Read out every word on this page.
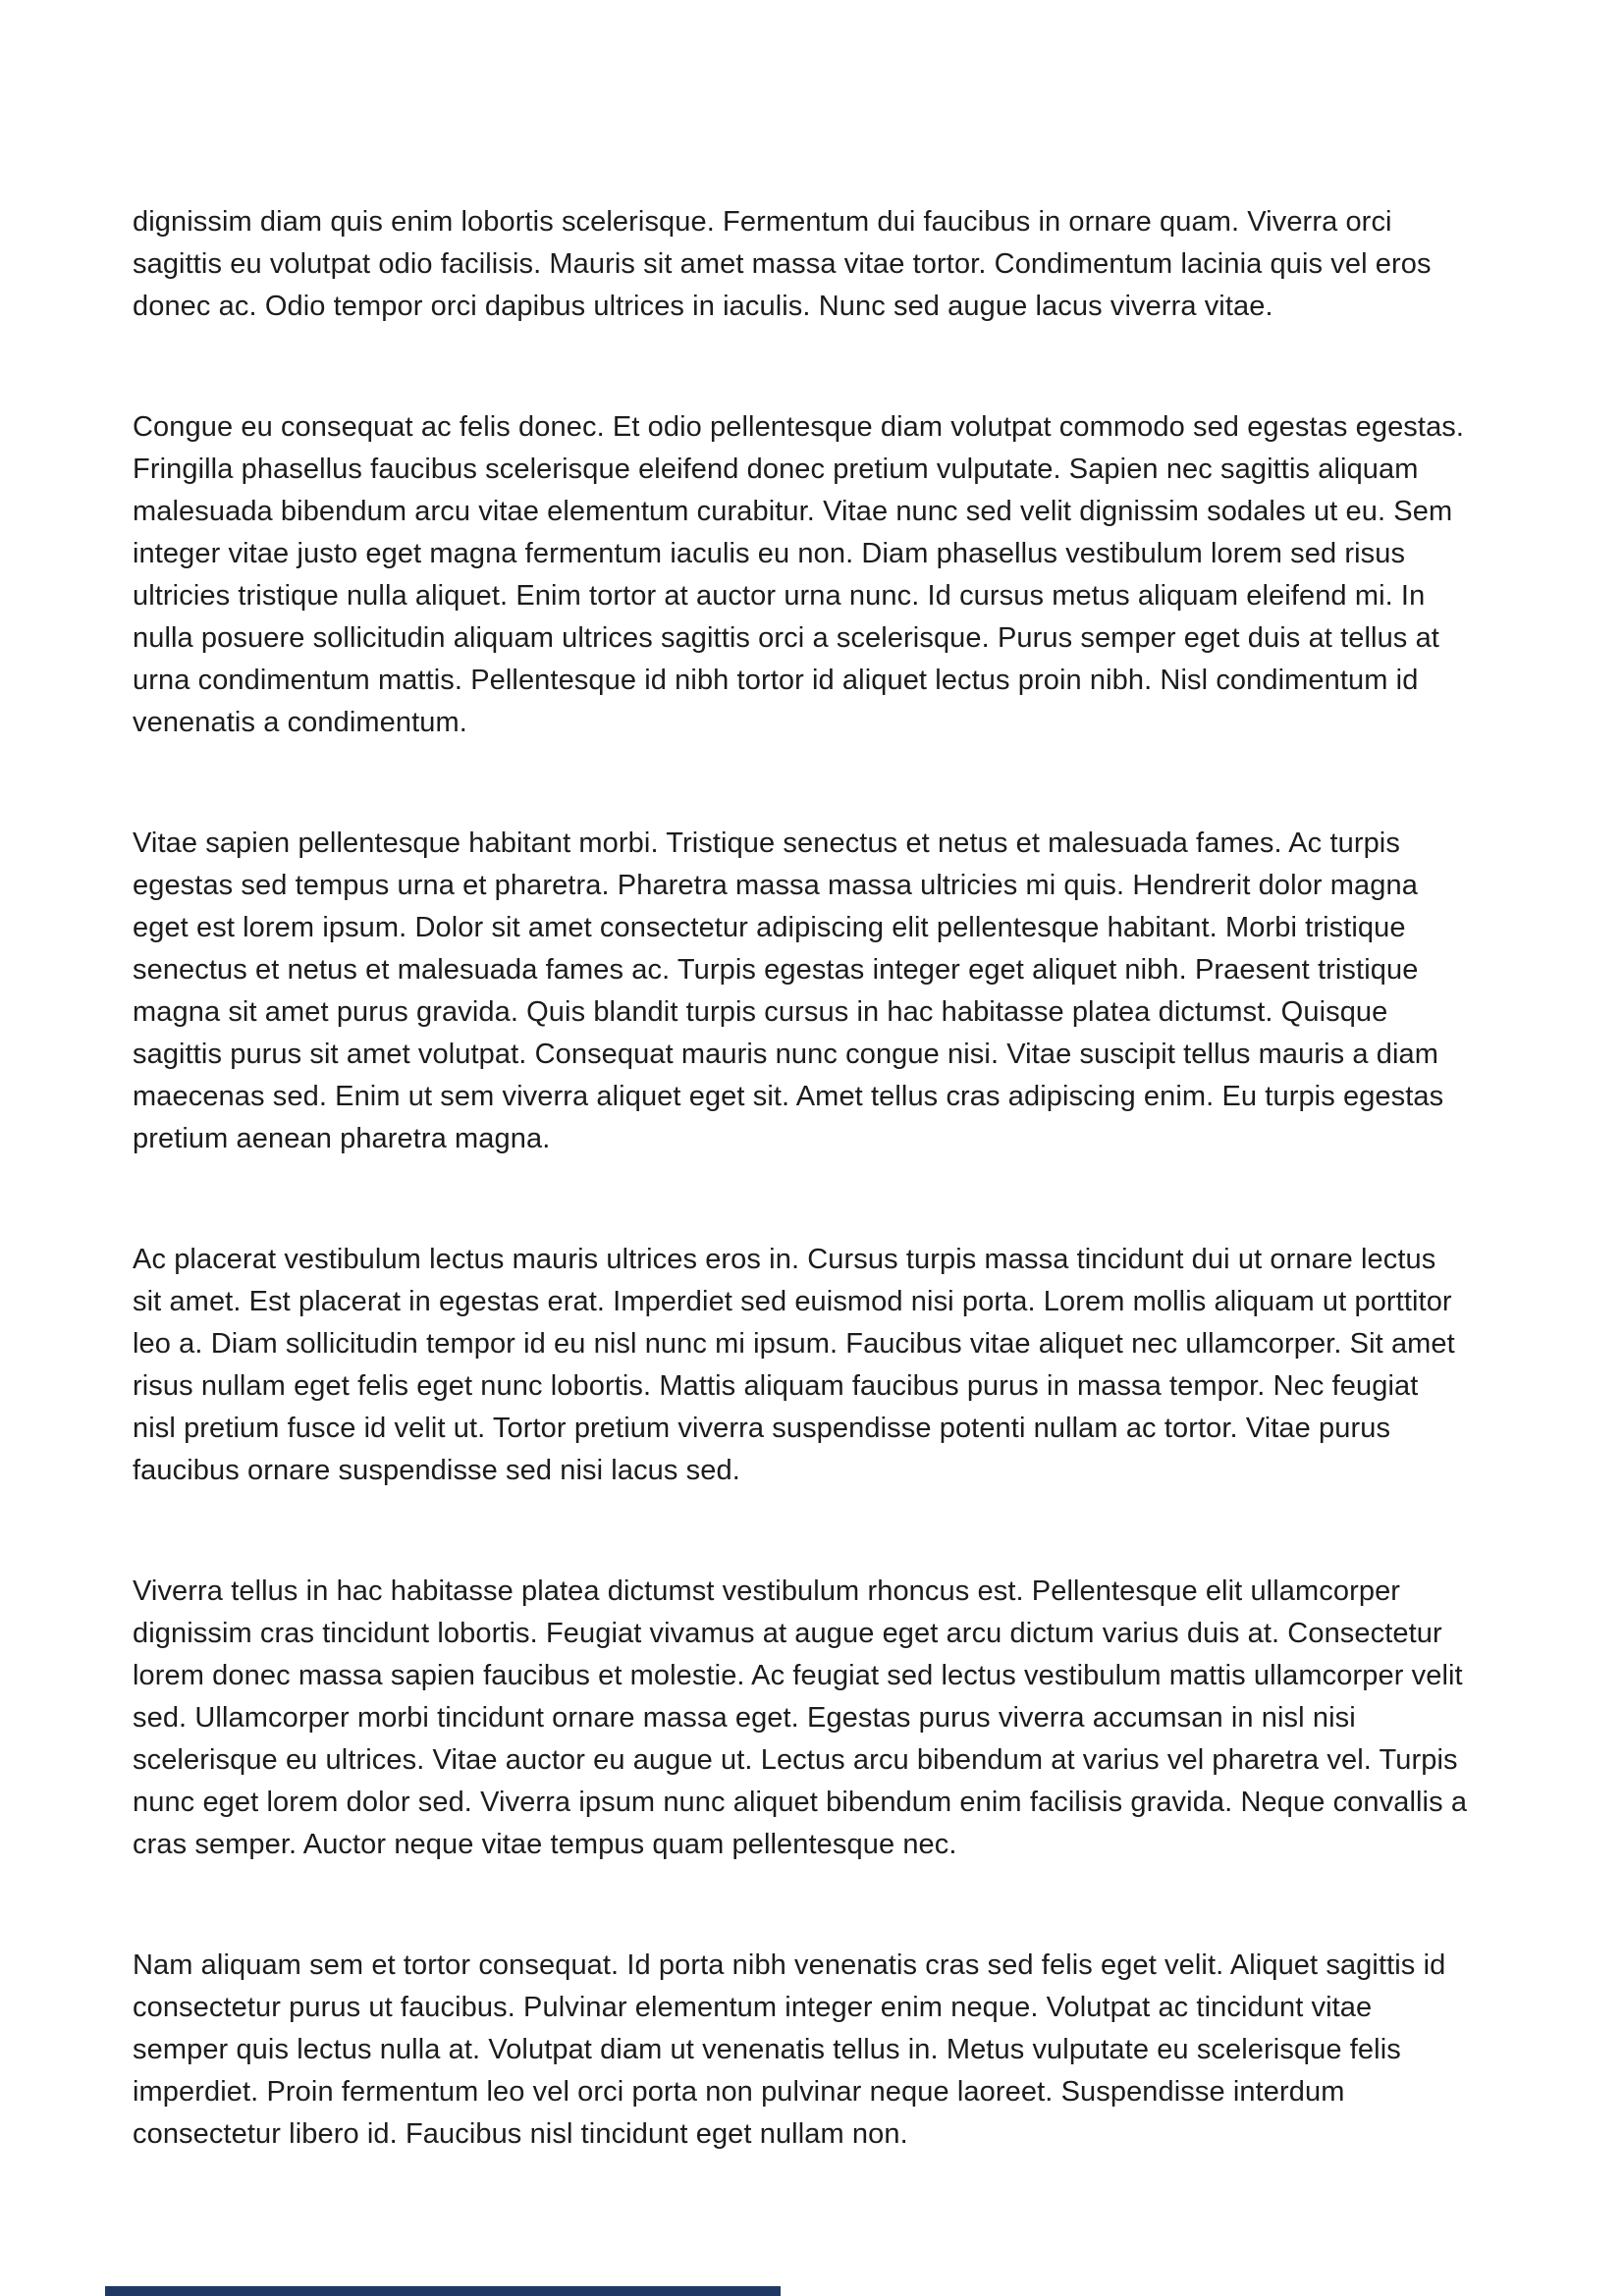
dignissim diam quis enim lobortis scelerisque. Fermentum dui faucibus in ornare quam. Viverra orci sagittis eu volutpat odio facilisis. Mauris sit amet massa vitae tortor. Condimentum lacinia quis vel eros donec ac. Odio tempor orci dapibus ultrices in iaculis. Nunc sed augue lacus viverra vitae.

Congue eu consequat ac felis donec. Et odio pellentesque diam volutpat commodo sed egestas egestas. Fringilla phasellus faucibus scelerisque eleifend donec pretium vulputate. Sapien nec sagittis aliquam malesuada bibendum arcu vitae elementum curabitur. Vitae nunc sed velit dignissim sodales ut eu. Sem integer vitae justo eget magna fermentum iaculis eu non. Diam phasellus vestibulum lorem sed risus ultricies tristique nulla aliquet. Enim tortor at auctor urna nunc. Id cursus metus aliquam eleifend mi. In nulla posuere sollicitudin aliquam ultrices sagittis orci a scelerisque. Purus semper eget duis at tellus at urna condimentum mattis. Pellentesque id nibh tortor id aliquet lectus proin nibh. Nisl condimentum id venenatis a condimentum.

Vitae sapien pellentesque habitant morbi. Tristique senectus et netus et malesuada fames. Ac turpis egestas sed tempus urna et pharetra. Pharetra massa massa ultricies mi quis. Hendrerit dolor magna eget est lorem ipsum. Dolor sit amet consectetur adipiscing elit pellentesque habitant. Morbi tristique senectus et netus et malesuada fames ac. Turpis egestas integer eget aliquet nibh. Praesent tristique magna sit amet purus gravida. Quis blandit turpis cursus in hac habitasse platea dictumst. Quisque sagittis purus sit amet volutpat. Consequat mauris nunc congue nisi. Vitae suscipit tellus mauris a diam maecenas sed. Enim ut sem viverra aliquet eget sit. Amet tellus cras adipiscing enim. Eu turpis egestas pretium aenean pharetra magna.

Ac placerat vestibulum lectus mauris ultrices eros in. Cursus turpis massa tincidunt dui ut ornare lectus sit amet. Est placerat in egestas erat. Imperdiet sed euismod nisi porta. Lorem mollis aliquam ut porttitor leo a. Diam sollicitudin tempor id eu nisl nunc mi ipsum. Faucibus vitae aliquet nec ullamcorper. Sit amet risus nullam eget felis eget nunc lobortis. Mattis aliquam faucibus purus in massa tempor. Nec feugiat nisl pretium fusce id velit ut. Tortor pretium viverra suspendisse potenti nullam ac tortor. Vitae purus faucibus ornare suspendisse sed nisi lacus sed.

Viverra tellus in hac habitasse platea dictumst vestibulum rhoncus est. Pellentesque elit ullamcorper dignissim cras tincidunt lobortis. Feugiat vivamus at augue eget arcu dictum varius duis at. Consectetur lorem donec massa sapien faucibus et molestie. Ac feugiat sed lectus vestibulum mattis ullamcorper velit sed. Ullamcorper morbi tincidunt ornare massa eget. Egestas purus viverra accumsan in nisl nisi scelerisque eu ultrices. Vitae auctor eu augue ut. Lectus arcu bibendum at varius vel pharetra vel. Turpis nunc eget lorem dolor sed. Viverra ipsum nunc aliquet bibendum enim facilisis gravida. Neque convallis a cras semper. Auctor neque vitae tempus quam pellentesque nec.

Nam aliquam sem et tortor consequat. Id porta nibh venenatis cras sed felis eget velit. Aliquet sagittis id consectetur purus ut faucibus. Pulvinar elementum integer enim neque. Volutpat ac tincidunt vitae semper quis lectus nulla at. Volutpat diam ut venenatis tellus in. Metus vulputate eu scelerisque felis imperdiet. Proin fermentum leo vel orci porta non pulvinar neque laoreet. Suspendisse interdum consectetur libero id. Faucibus nisl tincidunt eget nullam non.
